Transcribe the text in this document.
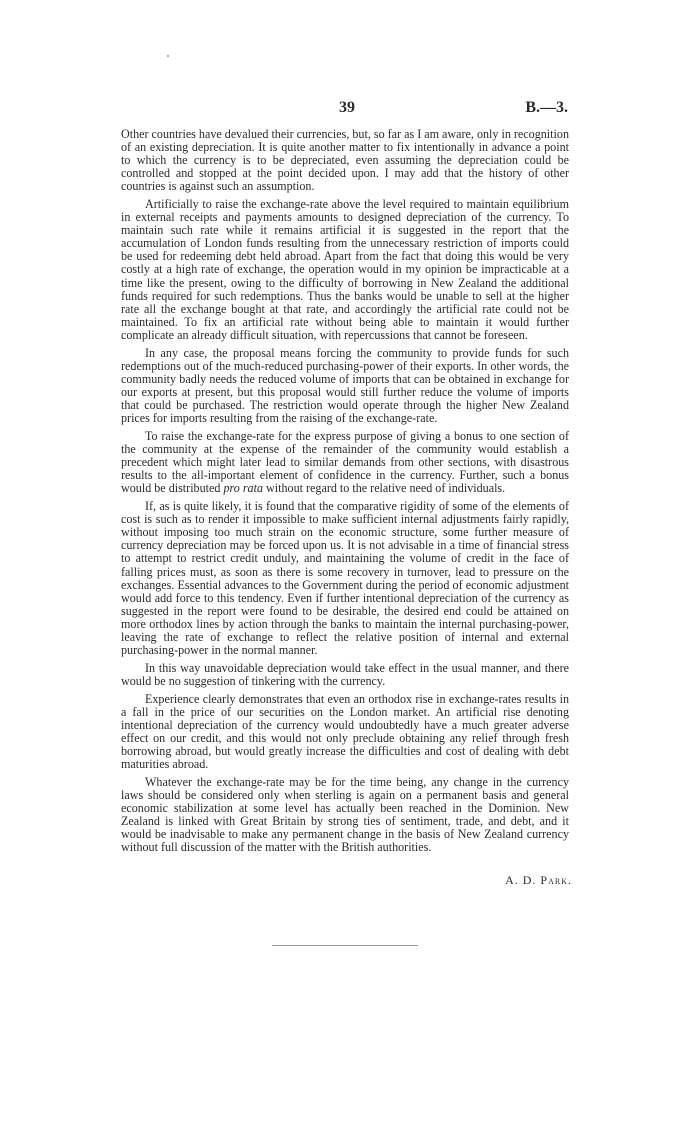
39	B.—3.

Other countries have devalued their currencies, but, so far as I am aware, only in recognition of an existing depreciation. It is quite another matter to fix intentionally in advance a point to which the currency is to be depreciated, even assuming the depreciation could be controlled and stopped at the point decided upon. I may add that the history of other countries is against such an assumption.

Artificially to raise the exchange-rate above the level required to maintain equilibrium in external receipts and payments amounts to designed depreciation of the currency. To maintain such rate while it remains artificial it is suggested in the report that the accumulation of London funds resulting from the unnecessary restriction of imports could be used for redeeming debt held abroad. Apart from the fact that doing this would be very costly at a high rate of exchange, the operation would in my opinion be impracticable at a time like the present, owing to the difficulty of borrowing in New Zealand the additional funds required for such redemptions. Thus the banks would be unable to sell at the higher rate all the exchange bought at that rate, and accordingly the artificial rate could not be maintained. To fix an artificial rate without being able to maintain it would further complicate an already difficult situation, with repercussions that cannot be foreseen.

In any case, the proposal means forcing the community to provide funds for such redemptions out of the much-reduced purchasing-power of their exports. In other words, the community badly needs the reduced volume of imports that can be obtained in exchange for our exports at present, but this proposal would still further reduce the volume of imports that could be purchased. The restriction would operate through the higher New Zealand prices for imports resulting from the raising of the exchange-rate.

To raise the exchange-rate for the express purpose of giving a bonus to one section of the community at the expense of the remainder of the community would establish a precedent which might later lead to similar demands from other sections, with disastrous results to the all-important element of confidence in the currency. Further, such a bonus would be distributed pro rata without regard to the relative need of individuals.

If, as is quite likely, it is found that the comparative rigidity of some of the elements of cost is such as to render it impossible to make sufficient internal adjustments fairly rapidly, without imposing too much strain on the economic structure, some further measure of currency depreciation may be forced upon us. It is not advisable in a time of financial stress to attempt to restrict credit unduly, and maintaining the volume of credit in the face of falling prices must, as soon as there is some recovery in turnover, lead to pressure on the exchanges. Essential advances to the Government during the period of economic adjustment would add force to this tendency. Even if further intentional depreciation of the currency as suggested in the report were found to be desirable, the desired end could be attained on more orthodox lines by action through the banks to maintain the internal purchasing-power, leaving the rate of exchange to reflect the relative position of internal and external purchasing-power in the normal manner.

In this way unavoidable depreciation would take effect in the usual manner, and there would be no suggestion of tinkering with the currency.

Experience clearly demonstrates that even an orthodox rise in exchange-rates results in a fall in the price of our securities on the London market. An artificial rise denoting intentional depreciation of the currency would undoubtedly have a much greater adverse effect on our credit, and this would not only preclude obtaining any relief through fresh borrowing abroad, but would greatly increase the difficulties and cost of dealing with debt maturities abroad.

Whatever the exchange-rate may be for the time being, any change in the currency laws should be considered only when sterling is again on a permanent basis and general economic stabilization at some level has actually been reached in the Dominion. New Zealand is linked with Great Britain by strong ties of sentiment, trade, and debt, and it would be inadvisable to make any permanent change in the basis of New Zealand currency without full discussion of the matter with the British authorities.

A. D. Park.
